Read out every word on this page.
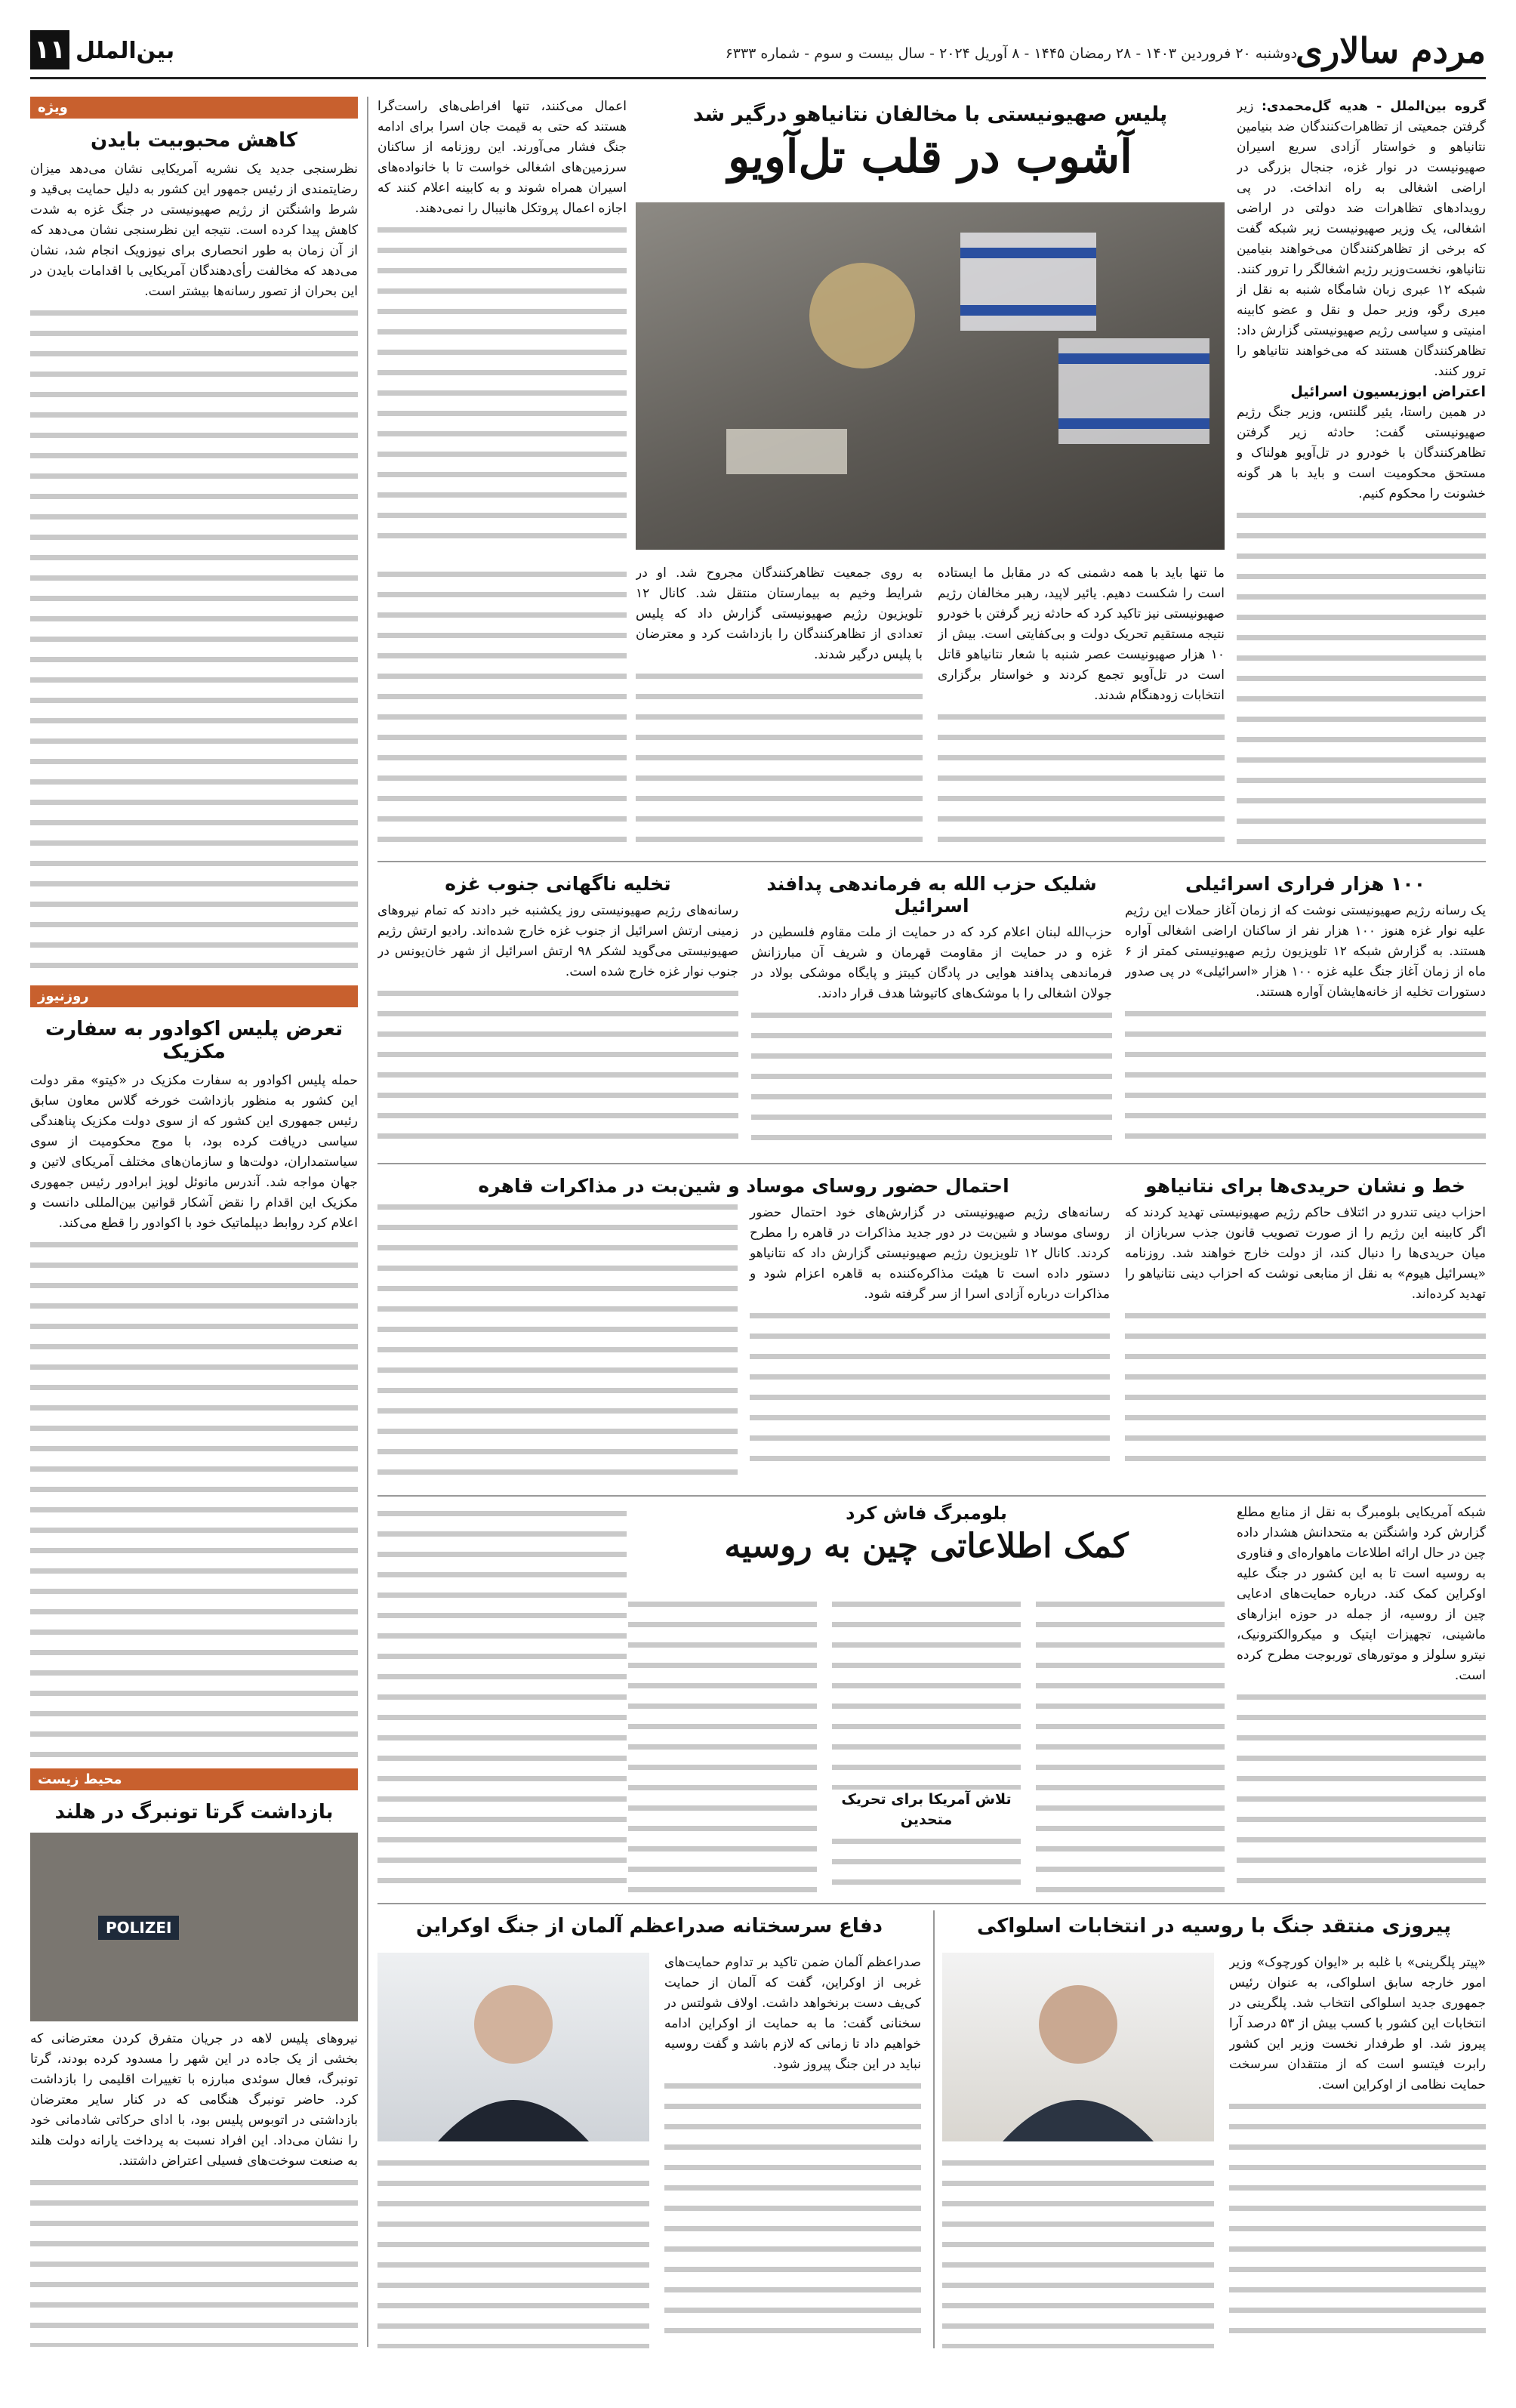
مردم سالاری
دوشنبه ۲۰ فروردین ۱۴۰۳ - ۲۸ رمضان ۱۴۴۵ - ۸ آوریل ۲۰۲۴ - سال بیست و سوم - شماره ۶۳۳۳
بین‌الملل
۱۱
ویژه
کاهش محبوبیت بایدن

نظرسنجی جدید یک نشریه آمریکایی نشان می‌دهد میزان رضایتمندی از رئیس جمهور این کشور به دلیل حمایت بی‌قید و شرط واشنگتن از رژیم صهیونیستی در جنگ غزه به شدت کاهش پیدا کرده است. نتیجه این نظرسنجی نشان می‌دهد که از آن زمان به طور انحصاری برای نیوزویک انجام شد، نشان می‌دهد که مخالفت رأی‌دهندگان آمریکایی با اقدامات بایدن در این بحران از تصور رسانه‌ها بیشتر است.

روزنیوز
تعرض پلیس اکوادور به سفارت مکزیک

حمله پلیس اکوادور به سفارت مکزیک در «کیتو» مقر دولت این کشور به منظور بازداشت خورخه گلاس معاون سابق رئیس جمهوری این کشور که از سوی دولت مکزیک پناهندگی سیاسی دریافت کرده بود، با موج محکومیت از سوی سیاستمداران، دولت‌ها و سازمان‌های مختلف آمریکای لاتین و جهان مواجه شد. آندرس مانوئل لوپز ابرادور رئیس جمهوری مکزیک این اقدام را نقض آشکار قوانین بین‌المللی دانست و اعلام کرد روابط دیپلماتیک خود با اکوادور را قطع می‌کند.

محیط زیست
بازداشت گرتا تونبرگ در هلند
POLIZEI

نیروهای پلیس لاهه در جریان متفرق کردن معترضانی که بخشی از یک جاده در این شهر را مسدود کرده بودند، گرتا تونبرگ، فعال سوئدی مبارزه با تغییرات اقلیمی را بازداشت کرد. حاضر تونبرگ هنگامی که در کنار سایر معترضان بازداشتی در اتوبوس پلیس بود، با ادای حرکاتی شادمانی خود را نشان می‌داد. این افراد نسبت به پرداخت یارانه دولت هلند به صنعت سوخت‌های فسیلی اعتراض داشتند.

گروه بین‌الملل - هدیه گل‌محمدی: زیر گرفتن جمعیتی از تظاهرات‌کنندگان ضد بنیامین نتانیاهو و خواستار آزادی سریع اسیران صهیونیست در نوار غزه، جنجال بزرگی در اراضی اشغالی به راه انداخت. در پی رویدادهای تظاهرات ضد دولتی در اراضی اشغالی، یک وزیر صهیونیست زیر شبکه گفت که برخی از تظاهرکنندگان می‌خواهند بنیامین نتانیاهو، نخست‌وزیر رژیم اشغالگر را ترور کنند. شبکه ۱۲ عبری زبان شامگاه شنبه به نقل از میری رگو، وزیر حمل و نقل و عضو کابینه امنیتی و سیاسی رژیم صهیونیستی گزارش داد: تظاهرکنندگان هستند که می‌خواهند نتانیاهو را ترور کنند.

اعتراض ابوزیسیون اسرائیل

در همین راستا، یئیر گلنتس، وزیر جنگ رژیم صهیونیستی گفت: حادثه زیر گرفتن تظاهرکنندگان با خودرو در تل‌آویو هولناک و مستحق محکومیت است و باید با هر گونه خشونت را محکوم کنیم.

پلیس صهیونیستی با مخالفان نتانیاهو درگیر شد
آشوب در قلب تل‌آویو

اعمال می‌کنند، تنها افراطی‌های راست‌گرا هستند که حتی به قیمت جان اسرا برای ادامه جنگ فشار می‌آورند. این روزنامه از ساکنان سرزمین‌های اشغالی خواست تا با خانواده‌های اسیران همراه شوند و به کابینه اعلام کنند که اجازه اعمال پروتکل هانیبال را نمی‌دهند.

ما تنها باید با همه دشمنی که در مقابل ما ایستاده است را شکست دهیم. یائیر لاپید، رهبر مخالفان رژیم صهیونیستی نیز تاکید کرد که حادثه زیر گرفتن با خودرو نتیجه مستقیم تحریک دولت و بی‌کفایتی است. بیش از ۱۰ هزار صهیونیست عصر شنبه با شعار نتانیاهو قاتل است در تل‌آویو تجمع کردند و خواستار برگزاری انتخابات زودهنگام شدند.

به روی جمعیت تظاهرکنندگان مجروح شد. او در شرایط وخیم به بیمارستان منتقل شد. کانال ۱۲ تلویزیون رژیم صهیونیستی گزارش داد که پلیس تعدادی از تظاهرکنندگان را بازداشت کرد و معترضان با پلیس درگیر شدند.

۱۰۰ هزار فراری اسرائیلی

یک رسانه رژیم صهیونیستی نوشت که از زمان آغاز حملات این رژیم علیه نوار غزه هنوز ۱۰۰ هزار نفر از ساکنان اراضی اشغالی آواره هستند. به گزارش شبکه ۱۲ تلویزیون رژیم صهیونیستی کمتر از ۶ ماه از زمان آغاز جنگ علیه غزه ۱۰۰ هزار «اسرائیلی» در پی صدور دستورات تخلیه از خانه‌هایشان آواره هستند.

شلیک حزب الله به فرماندهی پدافند اسرائیل

حزب‌الله لبنان اعلام کرد که در حمایت از ملت مقاوم فلسطین در غزه و در حمایت از مقاومت قهرمان و شریف آن مبارزانش فرماندهی پدافند هوایی در پادگان کیبتز و پایگاه موشکی بولاد در جولان اشغالی را با موشک‌های کاتیوشا هدف قرار دادند.

تخلیه ناگهانی جنوب غزه

رسانه‌های رژیم صهیونیستی روز یکشنبه خبر دادند که تمام نیروهای زمینی ارتش اسرائیل از جنوب غزه خارج شده‌اند. رادیو ارتش رژیم صهیونیستی می‌گوید لشکر ۹۸ ارتش اسرائیل از شهر خان‌یونس در جنوب نوار غزه خارج شده است.

خط و نشان حریدی‌ها برای نتانیاهو

احزاب دینی تندرو در ائتلاف حاکم رژیم صهیونیستی تهدید کردند که اگر کابینه این رژیم را از صورت تصویب قانون جذب سربازان از میان حریدی‌ها را دنبال کند، از دولت خارج خواهند شد. روزنامه «یسرائیل هیوم» به نقل از منابعی نوشت که احزاب دینی نتانیاهو را تهدید کرده‌اند.

احتمال حضور روسای موساد و شین‌بت در مذاکرات قاهره

رسانه‌های رژیم صهیونیستی در گزارش‌های خود احتمال حضور روسای موساد و شین‌بت در دور جدید مذاکرات در قاهره را مطرح کردند. کانال ۱۲ تلویزیون رژیم صهیونیستی گزارش داد که نتانیاهو دستور داده است تا هیئت مذاکره‌کننده به قاهره اعزام شود و مذاکرات درباره آزادی اسرا از سر گرفته شود.

شبکه آمریکایی بلومبرگ به نقل از منابع مطلع گزارش کرد واشنگتن به متحدانش هشدار داده چین در حال ارائه اطلاعات ماهواره‌ای و فناوری به روسیه است تا به این کشور در جنگ علیه اوکراین کمک کند. درباره حمایت‌های ادعایی چین از روسیه، از جمله در حوزه ابزارهای ماشینی، تجهیزات اپتیک و میکروالکترونیک، نیترو سلولز و موتورهای توربوجت مطرح کرده است.

بلومبرگ فاش کرد
کمک اطلاعاتی چین به روسیه

تلاش آمریکا برای تحریک متحدین

پیروزی منتقد جنگ با روسیه در انتخابات اسلواکی

«پیتر پلگرینی» با غلبه بر «ایوان کورچوک» وزیر امور خارجه سابق اسلواکی، به عنوان رئیس جمهوری جدید اسلواکی انتخاب شد. پلگرینی در انتخابات این کشور با کسب بیش از ۵۳ درصد آرا پیروز شد. او طرفدار نخست وزیر این کشور رابرت فیتسو است که از منتقدان سرسخت حمایت نظامی از اوکراین است.

دفاع سرسختانه صدراعظم آلمان از جنگ اوکراین

صدراعظم آلمان ضمن تاکید بر تداوم حمایت‌های غربی از اوکراین، گفت که آلمان از حمایت کی‌یف دست برنخواهد داشت. اولاف شولتس در سخنانی گفت: ما به حمایت از اوکراین ادامه خواهیم داد تا زمانی که لازم باشد و گفت روسیه نباید در این جنگ پیروز شود.
